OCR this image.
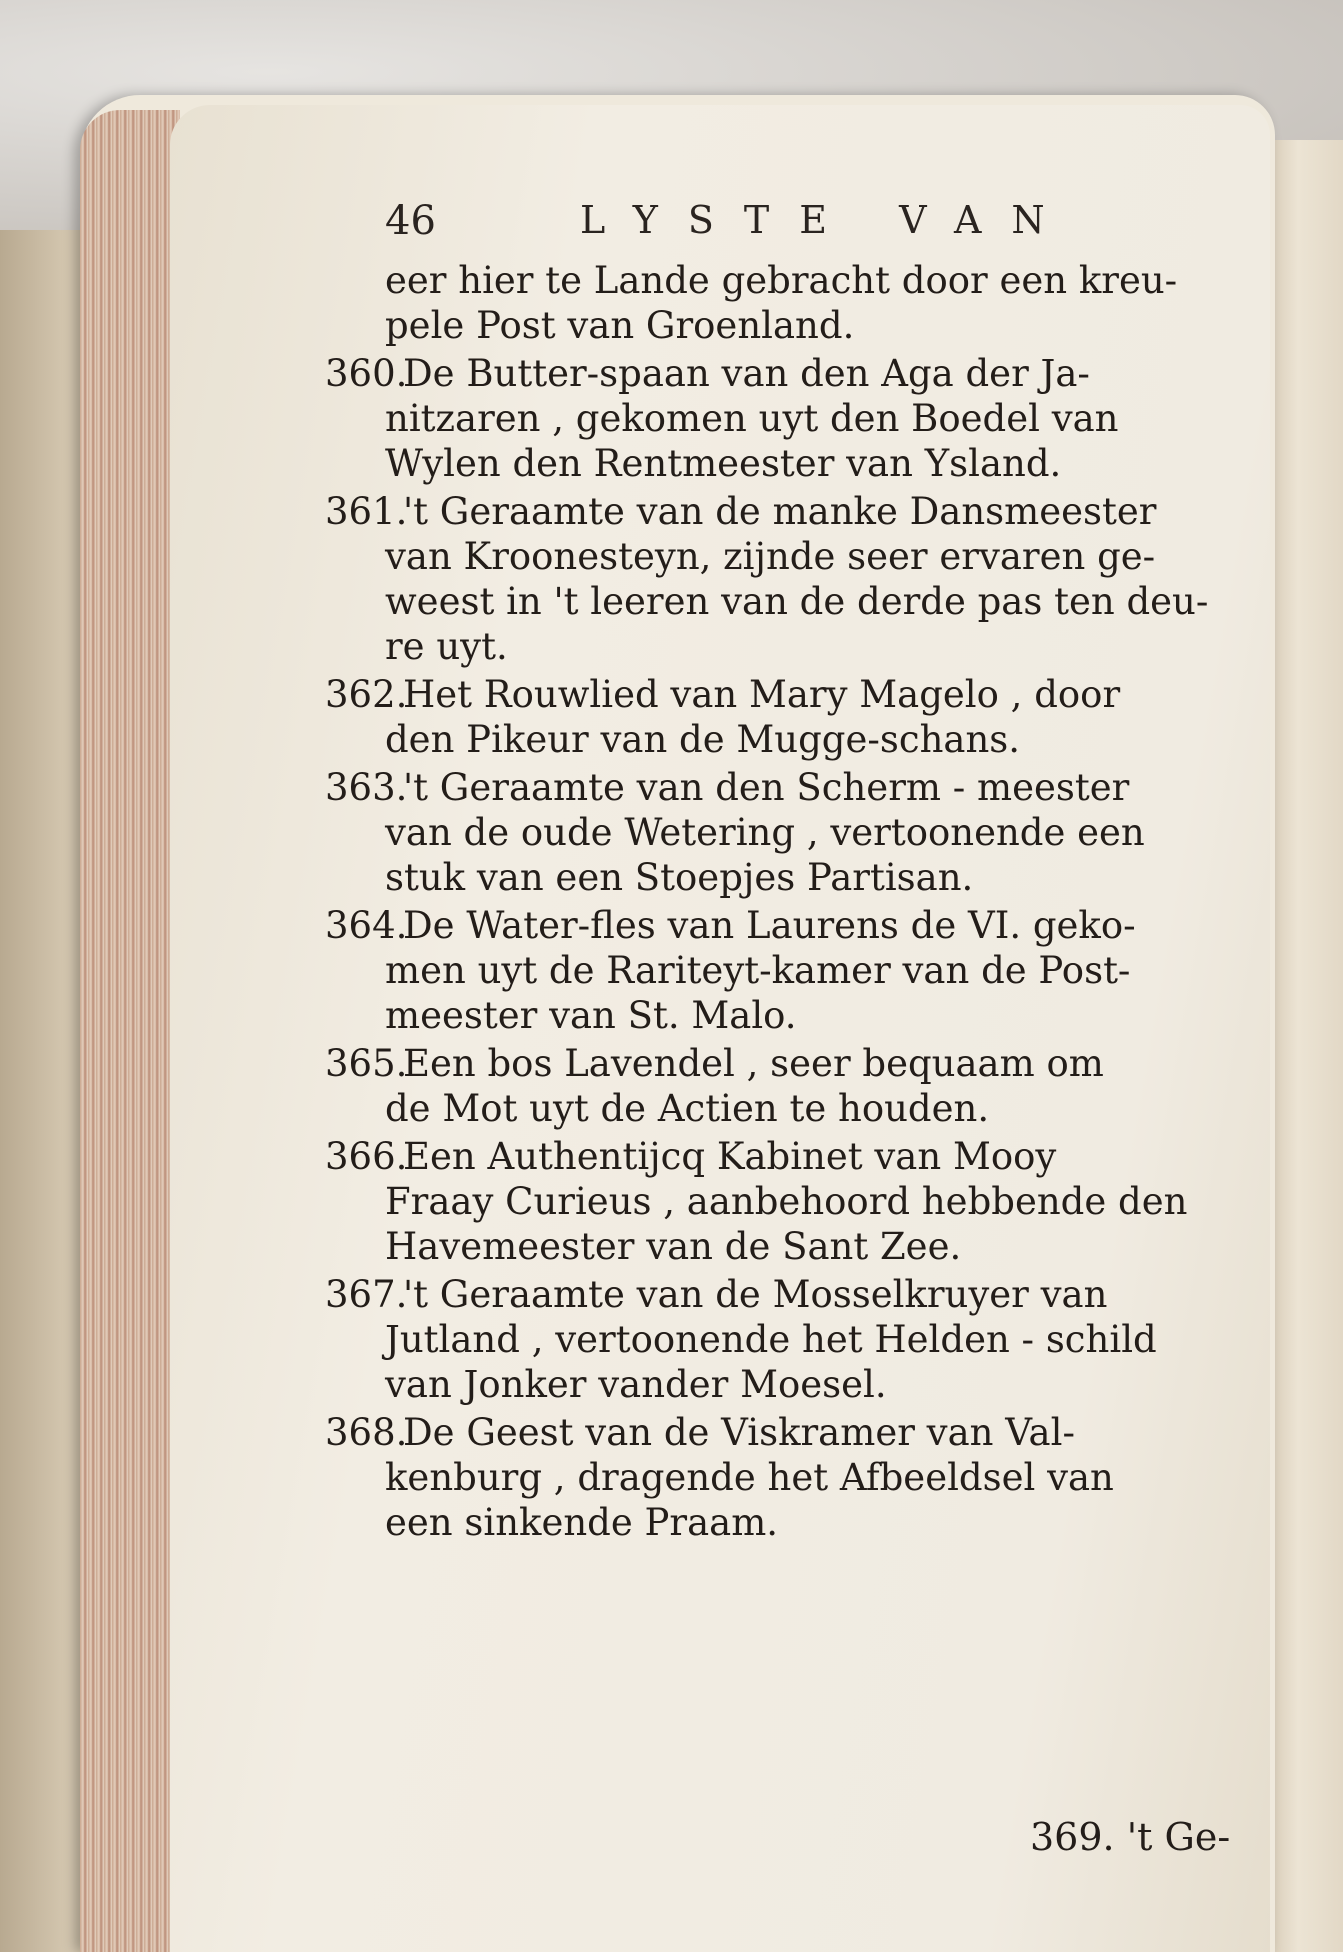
46	LYSTE VAN
eer hier te Lande gebracht door een kreu-
pele Post van Groenland.
360.De Butter-spaan van den Aga der Ja-
nitzaren , gekomen uyt den Boedel van
Wylen den Rentmeester van Ysland.
361.'t Geraamte van de manke Dansmeester
van Kroonesteyn, zijnde seer ervaren ge-
weest in 't leeren van de derde pas ten deu-
re uyt.
362.Het Rouwlied van Mary Magelo , door
den Pikeur van de Mugge-schans.
363.'t Geraamte van den Scherm - meester
van de oude Wetering , vertoonende een
stuk van een Stoepjes Partisan.
364.De Water-fles van Laurens de VI. geko-
men uyt de Rariteyt-kamer van de Post-
meester van St. Malo.
365.Een bos Lavendel , seer bequaam om
de Mot uyt de Actien te houden.
366.Een Authentijcq Kabinet van Mooy
Fraay Curieus , aanbehoord hebbende den
Havemeester van de Sant Zee.
367.'t Geraamte van de Mosselkruyer van
Jutland , vertoonende het Helden - schild
van Jonker vander Moesel.
368.De Geest van de Viskramer van Val-
kenburg , dragende het Afbeeldsel van
een sinkende Praam.
369. 't Ge-
